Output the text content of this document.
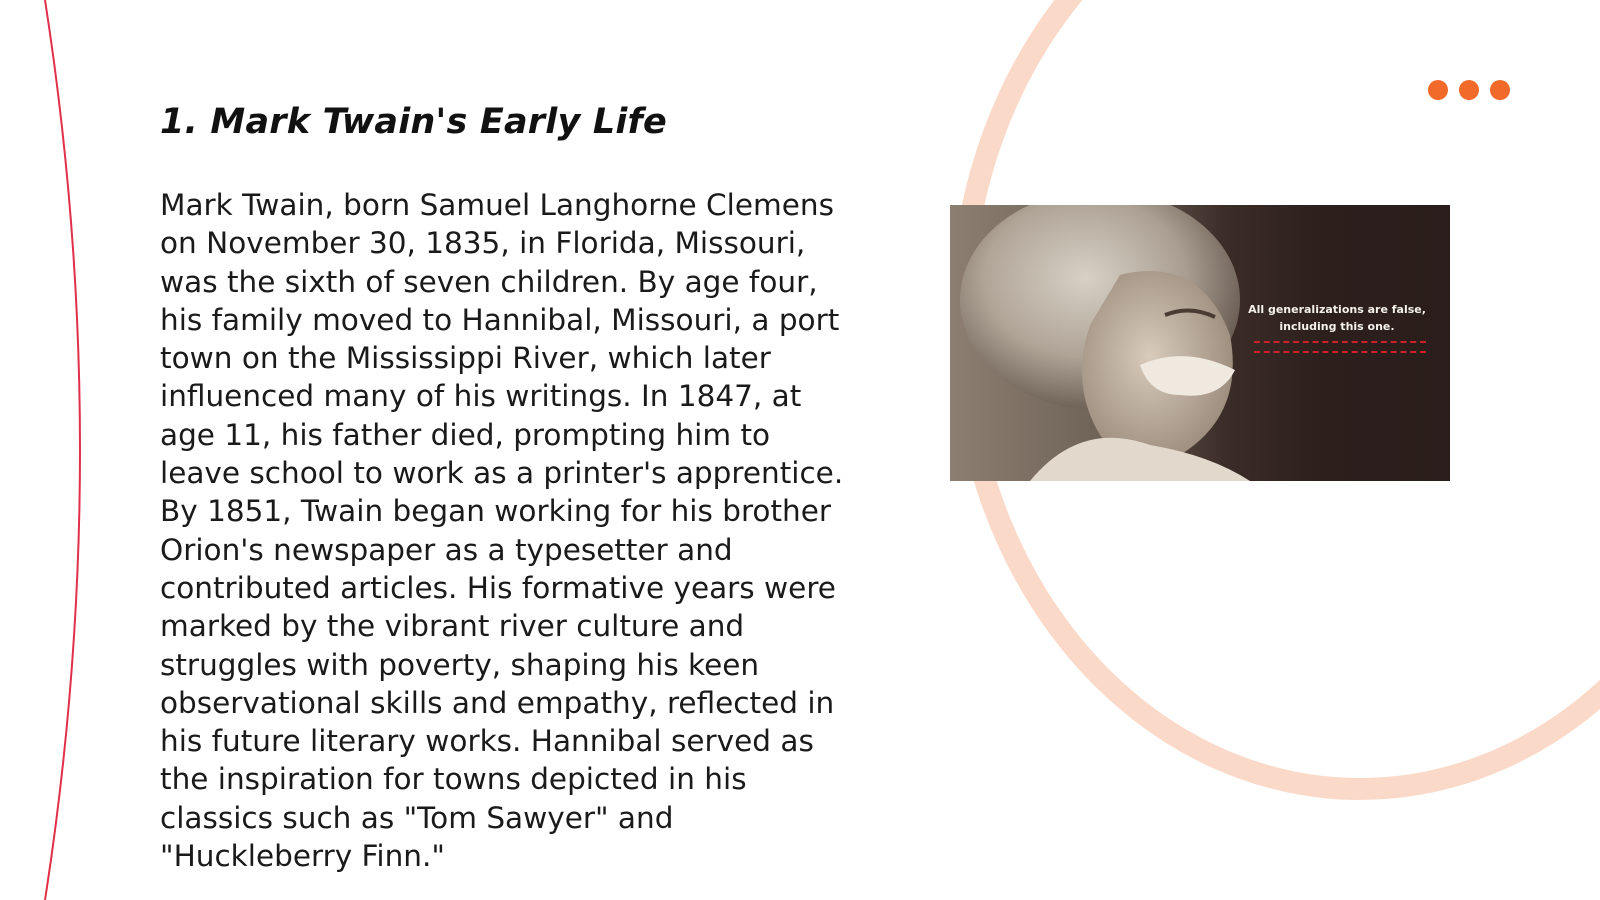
1. Mark Twain's Early Life

Mark Twain, born Samuel Langhorne Clemens on November 30, 1835, in Florida, Missouri, was the sixth of seven children. By age four, his family moved to Hannibal, Missouri, a port town on the Mississippi River, which later influenced many of his writings. In 1847, at age 11, his father died, prompting him to leave school to work as a printer's apprentice. By 1851, Twain began working for his brother Orion's newspaper as a typesetter and contributed articles. His formative years were marked by the vibrant river culture and struggles with poverty, shaping his keen observational skills and empathy, reflected in his future literary works. Hannibal served as the inspiration for towns depicted in his classics such as "Tom Sawyer" and "Huckleberry Finn."

All generalizations are false,
including this one.
